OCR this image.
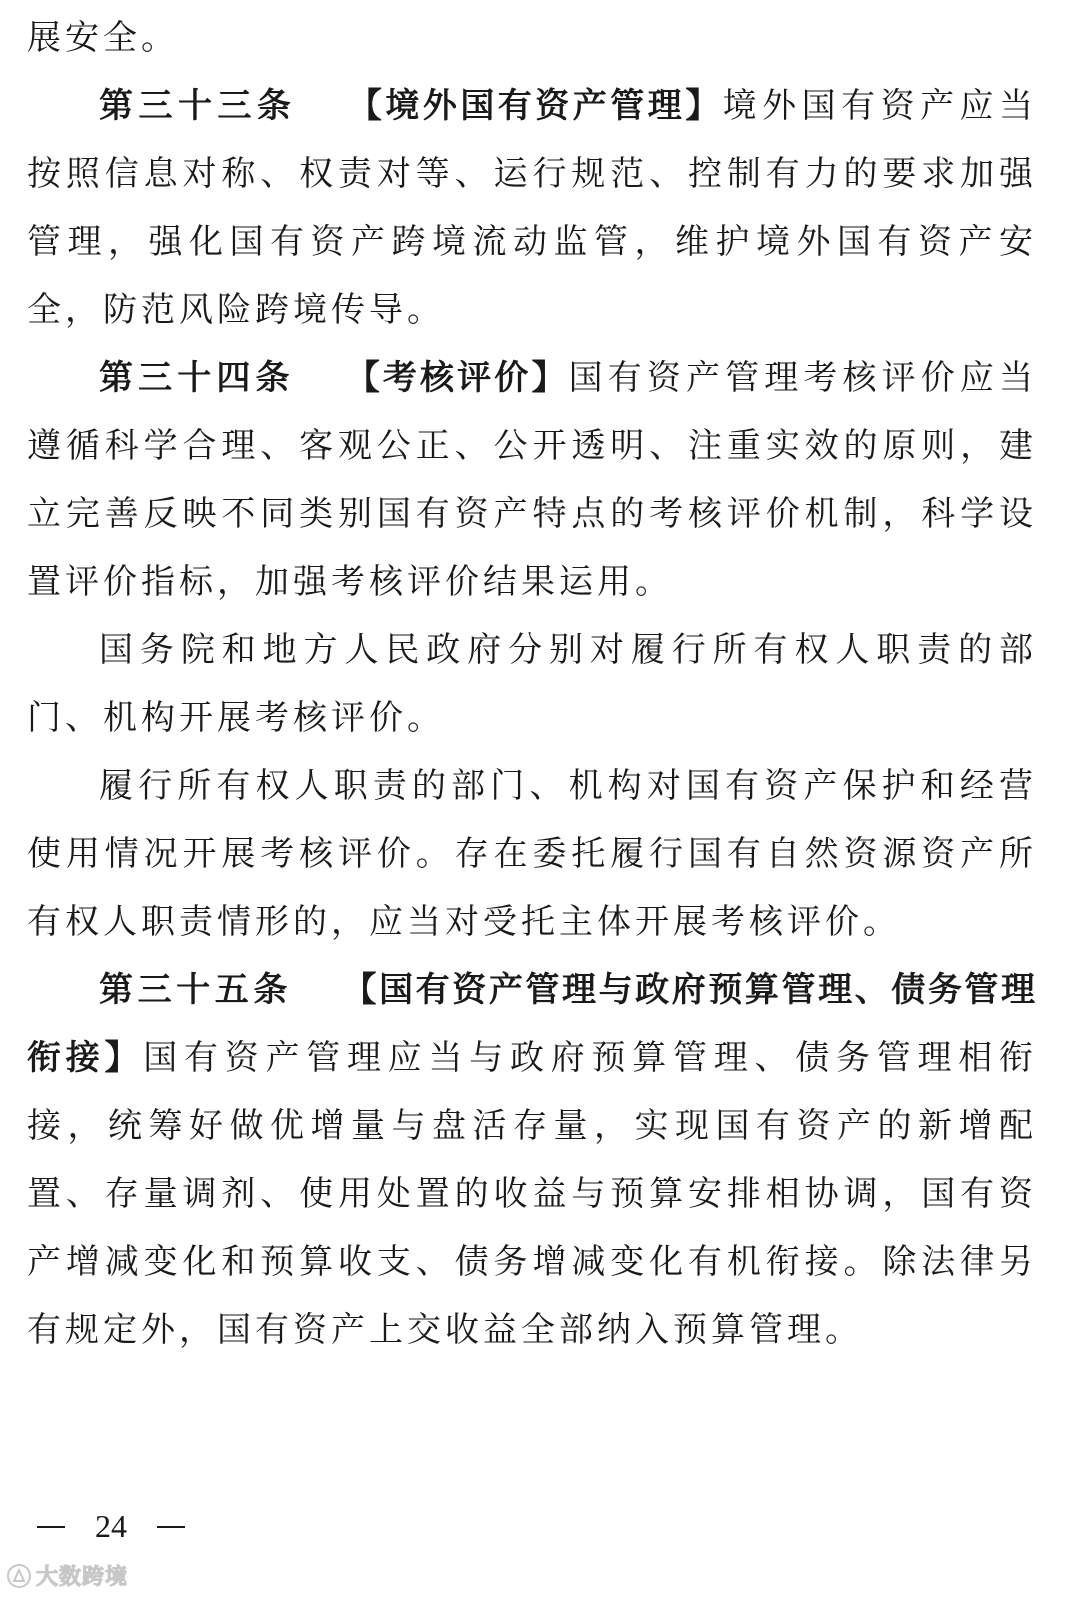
展安全。

第三十三条 【境外国有资产管理】境外国有资产应当按照信息对称、权责对等、运行规范、控制有力的要求加强管理，强化国有资产跨境流动监管，维护境外国有资产安全，防范风险跨境传导。

第三十四条 【考核评价】国有资产管理考核评价应当遵循科学合理、客观公正、公开透明、注重实效的原则，建立完善反映不同类别国有资产特点的考核评价机制，科学设置评价指标，加强考核评价结果运用。

国务院和地方人民政府分别对履行所有权人职责的部门、机构开展考核评价。

履行所有权人职责的部门、机构对国有资产保护和经营使用情况开展考核评价。存在委托履行国有自然资源资产所有权人职责情形的，应当对受托主体开展考核评价。

第三十五条 【国有资产管理与政府预算管理、债务管理衔接】国有资产管理应当与政府预算管理、债务管理相衔接，统筹好做优增量与盘活存量，实现国有资产的新增配置、存量调剂、使用处置的收益与预算安排相协调，国有资产增减变化和预算收支、债务增减变化有机衔接。除法律另有规定外，国有资产上交收益全部纳入预算管理。

24
大数跨境
